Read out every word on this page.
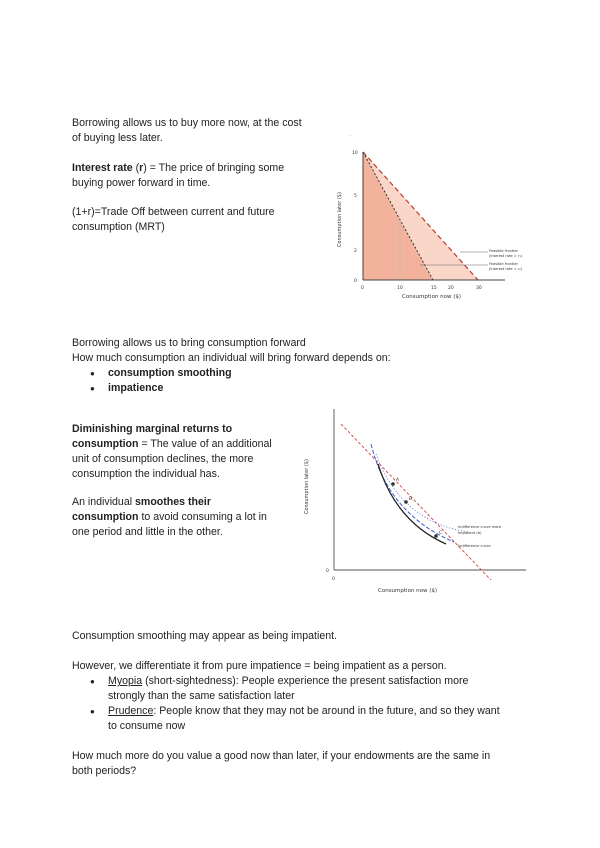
Borrowing allows us to buy more now, at the cost

of buying less later.

Interest rate (r) = The price of bringing some

buying power forward in time.

(1+r)=Trade Off between current and future

consumption (MRT)

.
10
5
2
0
0	10	15	20	30
Consumption now ($)
Consumption later ($)
Feasible frontier
(interest rate = r₁)
Feasible frontier
(interest rate = r₂)

Borrowing allows us to bring consumption forward

How much consumption an individual will bring forward depends on:

● consumption smoothing
● impatience

Diminishing marginal returns to

consumption = The value of an additional

unit of consumption declines, the more

consumption the individual has.

An individual smoothes their

consumption to avoid consuming a lot in

one period and little in the other.

A
B
C
Indifference curve more
impatient (b)
Indifference curve
0
0
Consumption now ($)
Consumption later ($)

Consumption smoothing may appear as being impatient.

However, we differentiate it from pure impatience = being impatient as a person.

● Myopia (short-sightedness): People experience the present satisfaction more
strongly than the same satisfaction later
● Prudence: People know that they may not be around in the future, and so they want
to consume now

How much more do you value a good now than later, if your endowments are the same in

both periods?
